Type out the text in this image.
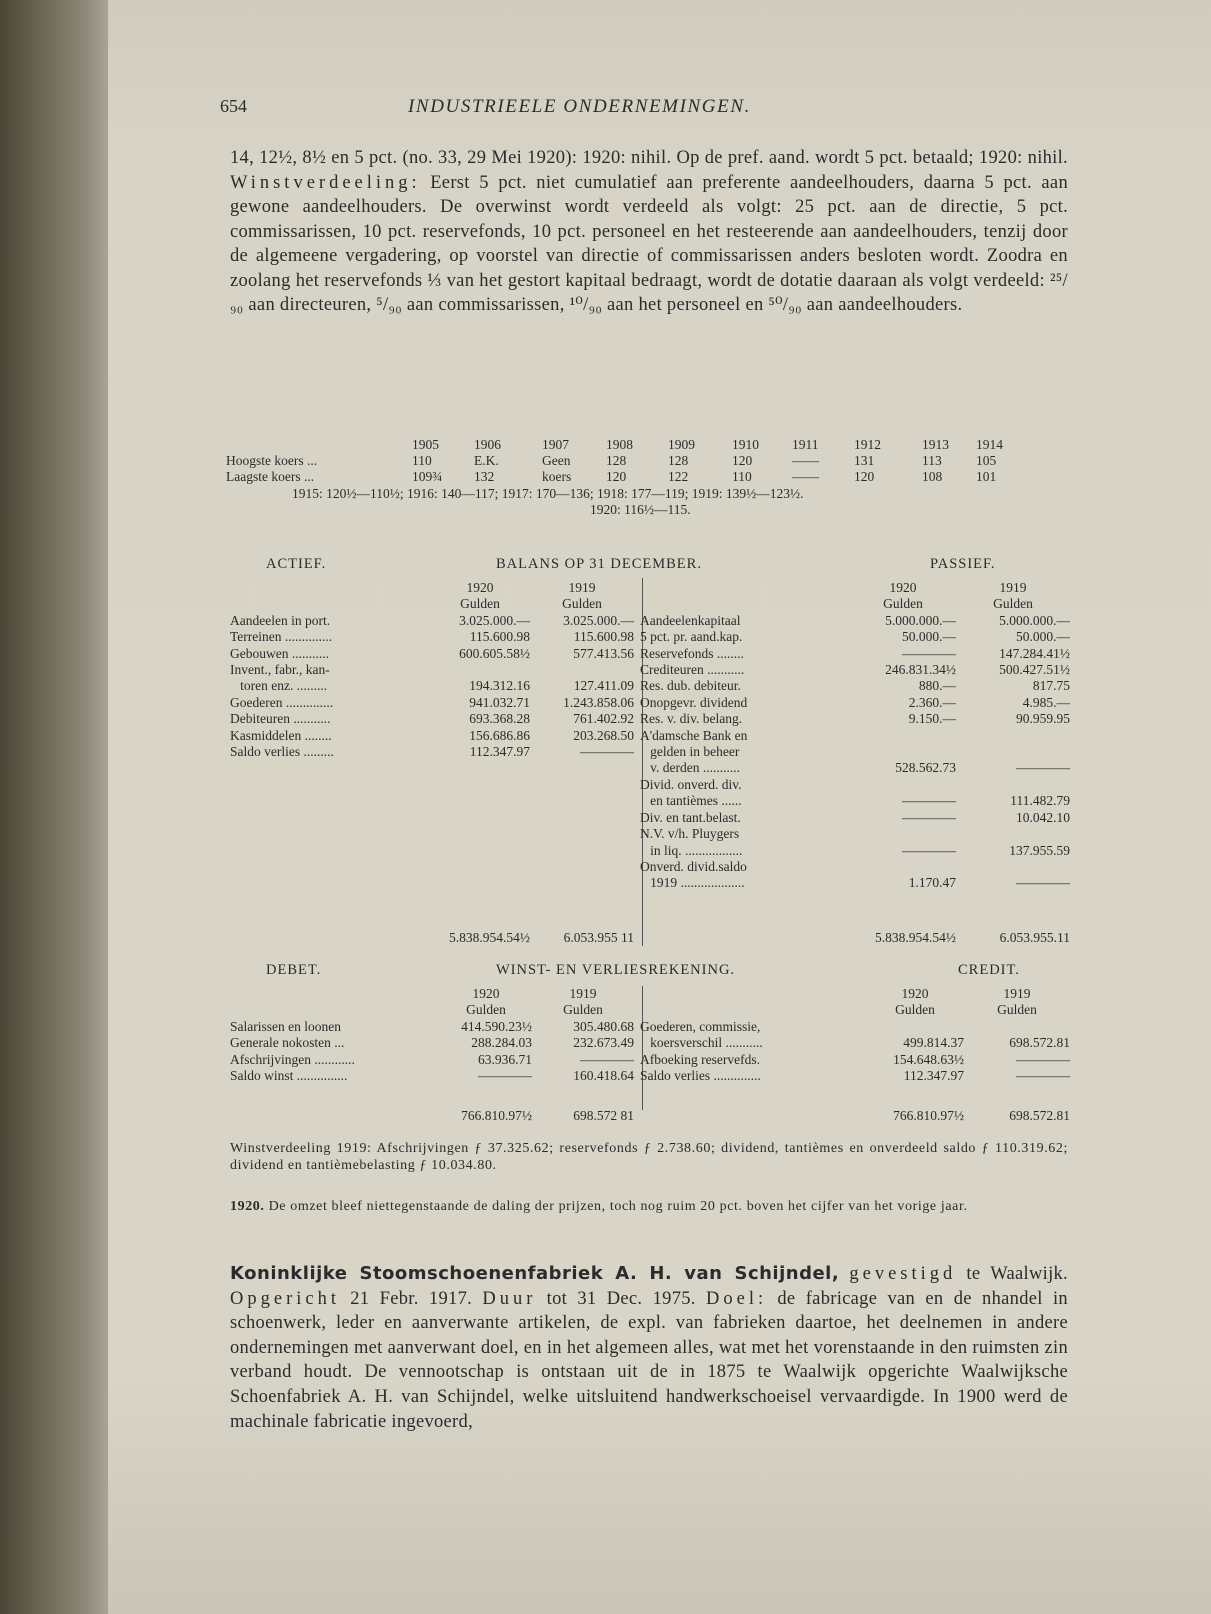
654	INDUSTRIEELE ONDERNEMINGEN.
14, 12½, 8½ en 5 pct. (no. 33, 29 Mei 1920): 1920: nihil. Op de pref. aand. wordt 5 pct. betaald; 1920: nihil. Winstverdeeling: Eerst 5 pct. niet cumulatief aan preferente aandeelhouders, daarna 5 pct. aan gewone aandeelhouders. De overwinst wordt verdeeld als volgt: 25 pct. aan de directie, 5 pct. commissarissen, 10 pct. reservefonds, 10 pct. personeel en het resteerende aan aandeelhouders, tenzij door de algemeene vergadering, op voorstel van directie of commissarissen anders besloten wordt. Zoodra en zoolang het reservefonds ⅓ van het gestort kapitaal bedraagt, wordt de dotatie daaraan als volgt verdeeld: ²⁵/₉₀ aan directeuren, ⁵/₉₀ aan commissarissen, ¹⁰/₉₀ aan het personeel en ⁵⁰/₉₀ aan aandeelhouders.
	1905	1906	1907	1908	1909	1910	1911	1912	1913	1914
Hoogste koers ...	110	E.K.	Geen	128	128	120	——	131	113	105
Laagste koers ...	109¾	132	koers	120	122	110	——	120	108	101
1915: 120½—110½; 1916: 140—117; 1917: 170—136; 1918: 177—119; 1919: 139½—123½.
1920: 116½—115.
ACTIEF.	BALANS OP 31 DECEMBER.	PASSIEF.
	1920	1919
	Gulden	Gulden
Aandeelen in port.	3.025.000.—	3.025.000.—
Terreinen ..............	115.600.98	115.600.98
Gebouwen ...........	600.605.58½	577.413.56
Invent., fabr., kan-		
toren enz. .........	194.312.16	127.411.09
Goederen ..............	941.032.71	1.243.858.06
Debiteuren ...........	693.368.28	761.402.92
Kasmiddelen ........	156.686.86	203.268.50
Saldo verlies .........	112.347.97	————
	1920	1919
	Gulden	Gulden
Aandeelenkapitaal	5.000.000.—	5.000.000.—
5 pct. pr. aand.kap.	50.000.—	50.000.—
Reservefonds ........	————	147.284.41½
Crediteuren ...........	246.831.34½	500.427.51½
Res. dub. debiteur.	880.—	817.75
Onopgevr. dividend	2.360.—	4.985.—
Res. v. div. belang.	9.150.—	90.959.95
A'damsche Bank en		
gelden in beheer		
v. derden ...........	528.562.73	————
Divid. onverd. div.		
en tantièmes ......	————	111.482.79
Div. en tant.belast.	————	10.042.10
N.V. v/h. Pluygers		
in liq. .................	————	137.955.59
Onverd. divid.saldo		
1919 ...................	1.170.47	————
5.838.954.54½	6.053.955 11	5.838.954.54½	6.053.955.11
DEBET.	WINST- EN VERLIESREKENING.	CREDIT.
	1920	1919
	Gulden	Gulden
Salarissen en loonen	414.590.23½	305.480.68
Generale nokosten ...	288.284.03	232.673.49
Afschrijvingen ............	63.936.71	————
Saldo winst ...............	————	160.418.64
	1920	1919
	Gulden	Gulden
Goederen, commissie,		
koersverschil ...........	499.814.37	698.572.81
Afboeking reservefds.	154.648.63½	————
Saldo verlies ..............	112.347.97	————
766.810.97½	698.572 81	766.810.97½	698.572.81
Winstverdeeling 1919: Afschrijvingen ƒ 37.325.62; reservefonds ƒ 2.738.60; dividend, tantièmes en onverdeeld saldo ƒ 110.319.62; dividend en tantièmebelasting ƒ 10.034.80.
1920. De omzet bleef niettegenstaande de daling der prijzen, toch nog ruim 20 pct. boven het cijfer van het vorige jaar.
Koninklijke Stoomschoenenfabriek A. H. van Schijndel, gevestigd te Waalwijk. Opgericht 21 Febr. 1917. Duur tot 31 Dec. 1975. Doel: de fabricage van en de nhandel in schoenwerk, leder en aanverwante artikelen, de expl. van fabrieken daartoe, het deelnemen in andere ondernemingen met aanverwant doel, en in het algemeen alles, wat met het vorenstaande in den ruimsten zin verband houdt. De vennootschap is ontstaan uit de in 1875 te Waalwijk opgerichte Waalwijksche Schoenfabriek A. H. van Schijndel, welke uitsluitend handwerkschoeisel vervaardigde. In 1900 werd de machinale fabricatie ingevoerd,
